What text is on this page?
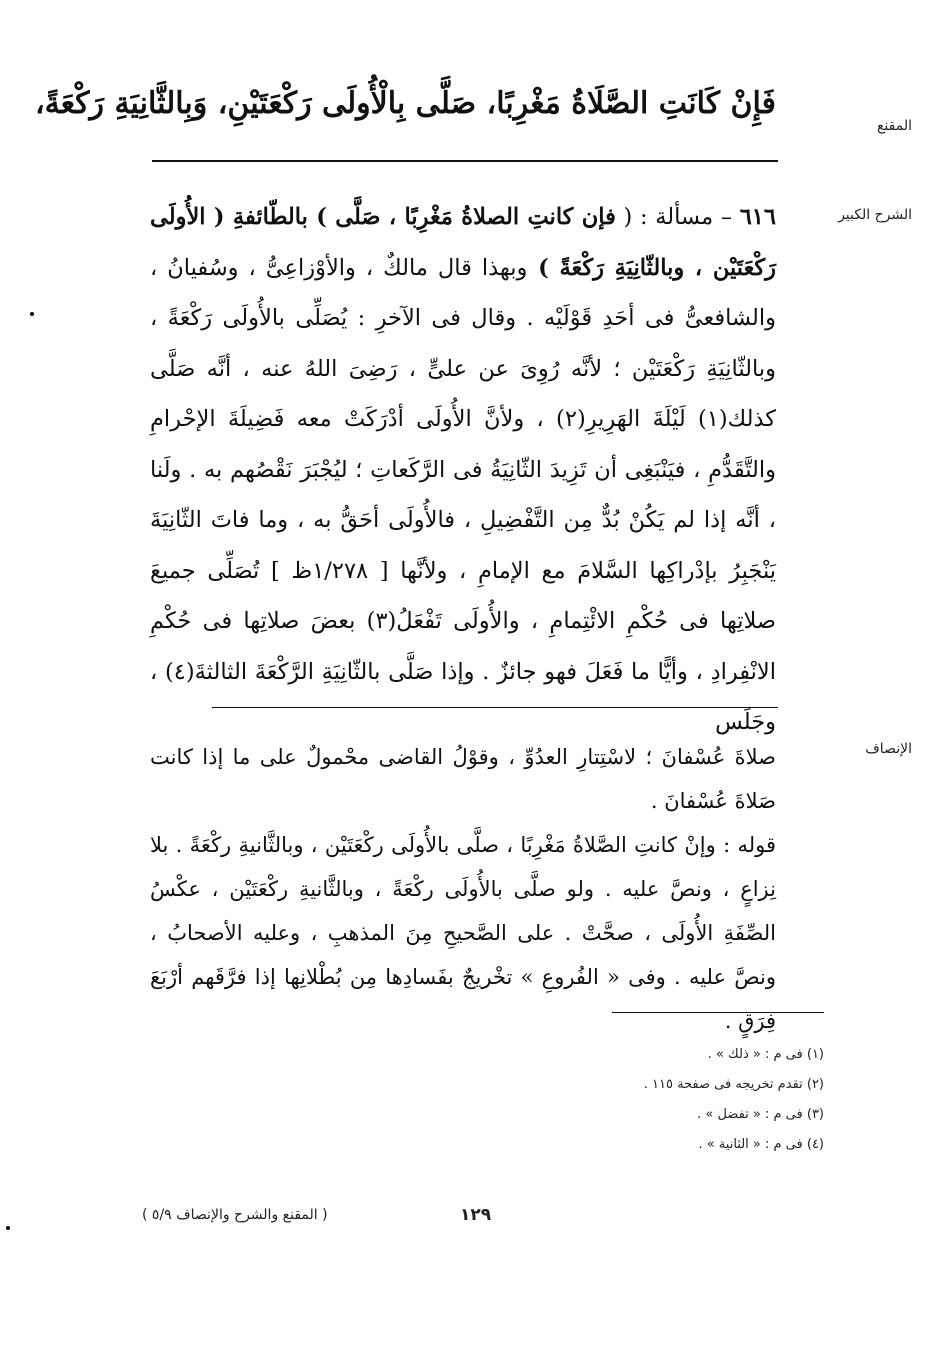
المقنع
فَإِنْ كَانَتِ الصَّلَاةُ مَغْرِبًا، صَلَّى بِالْأُولَى رَكْعَتَيْنِ، وَبِالثَّانِيَةِ رَكْعَةً،
الشرح الكبير

٦١٦ – مسألة : ( فإن كانتِ الصلاةُ مَغْرِبًا ، صَلَّى ) بالطّائفةِ ( الأُولَى رَكْعَتَيْن ، وبالثّانِيَةِ رَكْعَةً ) وبهذا قال مالكٌ ، والأوْزاعِىُّ ، وسُفيانُ ، والشافعىُّ فى أحَدِ قَوْلَيْه . وقال فى الآخرِ : يُصَلِّى بالأُولَى رَكْعَةً ، وبالثّانِيَةِ رَكْعَتَيْن ؛ لأنَّه رُوِىَ عن علىٍّ ، رَضِىَ اللهُ عنه ، أنَّه صَلَّى كذلك(١) لَيْلَةَ الهَرِيرِ(٢) ، ولأنَّ الأُولَى أدْرَكَتْ معه فَضِيلَةَ الإحْرامِ والتَّقَدُّمِ ، فيَنْبَغِى أن تَزِيدَ الثّانِيَةُ فى الرَّكَعاتِ ؛ ليُجْبَرَ نَقْصُهم به . ولَنا ، أنَّه إذا لم يَكُنْ بُدٌّ مِن التَّفْضِيلِ ، فالأُولَى أحَقُّ به ، وما فاتَ الثّانِيَةَ يَنْجَبِرُ بإدْراكِها السَّلامَ مع الإمامِ ، ولأنَّها [ ١/٢٧٨ظ ] تُصَلِّى جميعَ صلاتِها فى حُكْمِ الائْتِمامِ ، والأُولَى تَفْعَلُ(٣) بعضَ صلاتِها فى حُكْمِ الانْفِرادِ ، وأيًّا ما فَعَلَ فهو جائزٌ . وإذا صَلَّى بالثّانِيَةِ الرَّكْعَةَ الثالثةَ(٤) ، وجَلَس

الإنصاف

صلاةَ عُسْفانَ ؛ لاسْتِتارِ العدُوِّ ، وقوْلُ القاضى محْمولٌ على ما إذا كانت صَلاةَ عُسْفانَ .

قوله : وإنْ كانتِ الصَّلاةُ مَغْرِبًا ، صلَّى بالأُولَى ركْعَتَيْن ، وبالثَّانيةِ ركْعَةً . بلا نِزاعٍ ، ونصَّ عليه . ولو صلَّى بالأُولَى ركْعَةً ، وبالثَّانيةِ ركْعَتَيْن ، عكْسُ الصِّفَةِ الأُولَى ، صحَّتْ . على الصَّحيحِ مِنَ المذهبِ ، وعليه الأصحابُ ، ونصَّ عليه . وفى « الفُروعِ » تخْريجٌ بفَسادِها مِن بُطْلانِها إذا فرَّقَهم أرْبَعَ فِرَقٍ .

(١) فى م : « ذلك » .
(٢) تقدم تخريجه فى صفحة ١١٥ .
(٣) فى م : « تفضل » .
(٤) فى م : « الثانية » .
١٢٩
( المقنع والشرح والإنصاف ٥/٩ )
